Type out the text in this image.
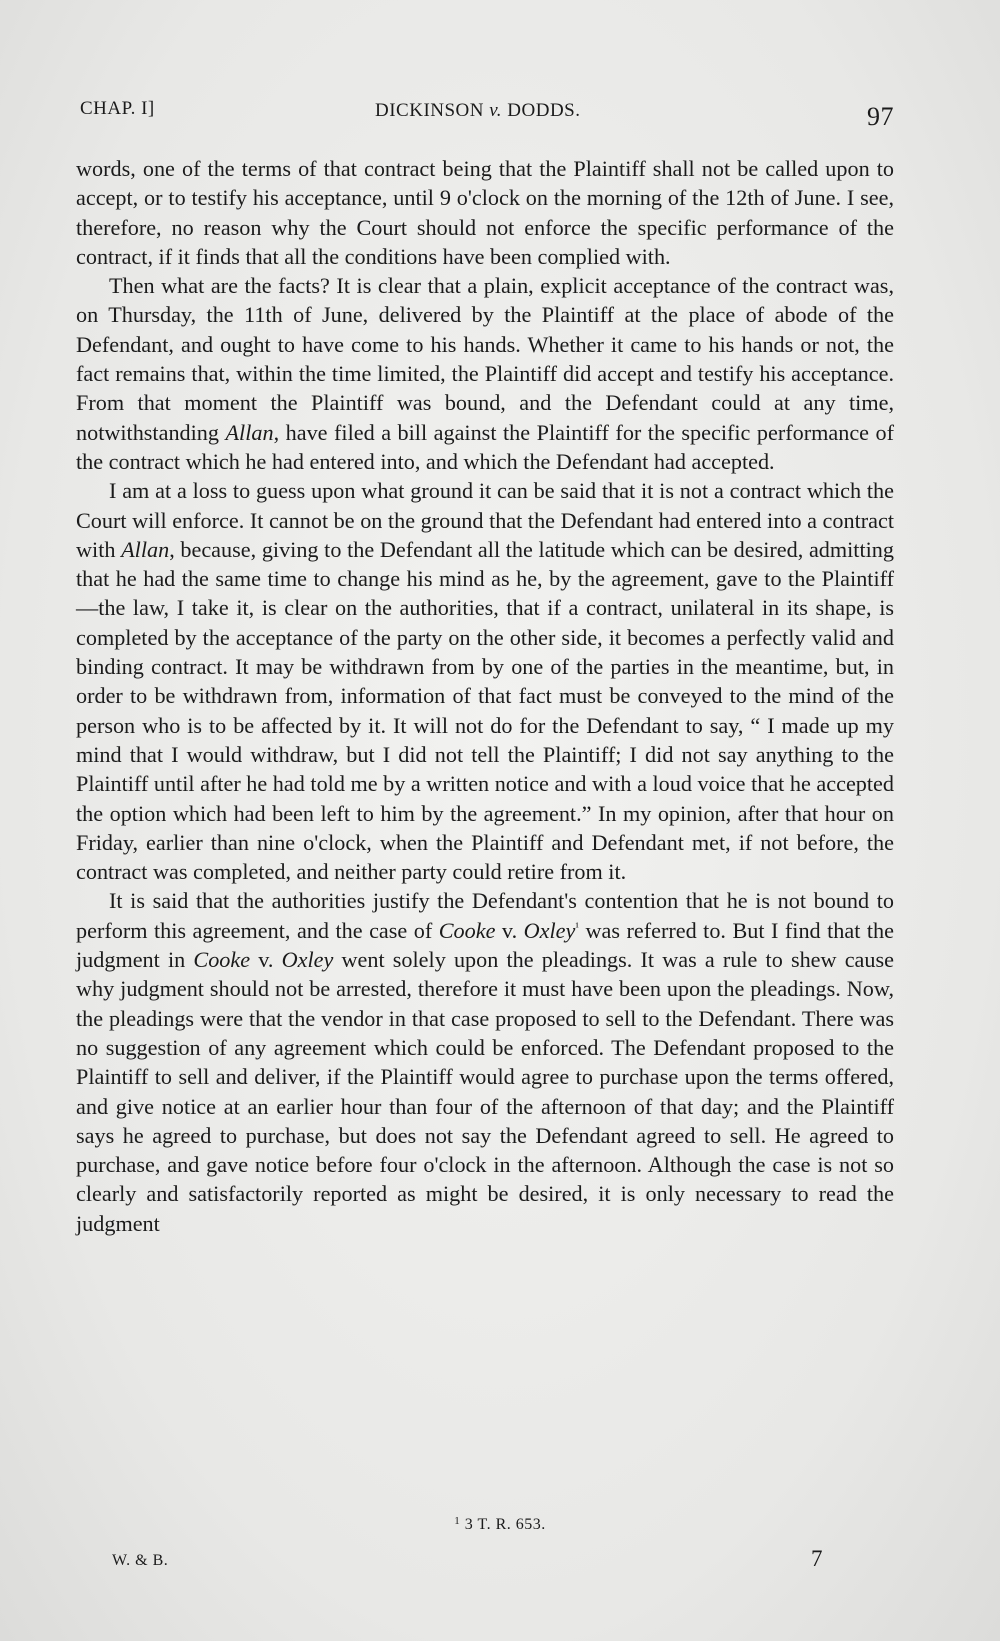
CHAP. I]	DICKINSON v. DODDS.	97

words, one of the terms of that contract being that the Plaintiff shall not be called upon to accept, or to testify his acceptance, until 9 o'clock on the morning of the 12th of June. I see, therefore, no reason why the Court should not enforce the specific performance of the contract, if it finds that all the conditions have been complied with.

Then what are the facts? It is clear that a plain, explicit acceptance of the contract was, on Thursday, the 11th of June, delivered by the Plaintiff at the place of abode of the Defendant, and ought to have come to his hands. Whether it came to his hands or not, the fact remains that, within the time limited, the Plaintiff did accept and testify his acceptance. From that moment the Plaintiff was bound, and the Defendant could at any time, notwithstanding Allan, have filed a bill against the Plaintiff for the specific performance of the contract which he had entered into, and which the Defendant had accepted.

I am at a loss to guess upon what ground it can be said that it is not a contract which the Court will enforce. It cannot be on the ground that the Defendant had entered into a contract with Allan, because, giving to the Defendant all the latitude which can be desired, admitting that he had the same time to change his mind as he, by the agreement, gave to the Plaintiff—the law, I take it, is clear on the authorities, that if a contract, unilateral in its shape, is completed by the acceptance of the party on the other side, it becomes a perfectly valid and binding contract. It may be withdrawn from by one of the parties in the meantime, but, in order to be withdrawn from, information of that fact must be conveyed to the mind of the person who is to be affected by it. It will not do for the Defendant to say, “ I made up my mind that I would withdraw, but I did not tell the Plaintiff; I did not say anything to the Plaintiff until after he had told me by a written notice and with a loud voice that he accepted the option which had been left to him by the agreement.” In my opinion, after that hour on Friday, earlier than nine o'clock, when the Plaintiff and Defendant met, if not before, the contract was completed, and neither party could retire from it.

It is said that the authorities justify the Defendant's contention that he is not bound to perform this agreement, and the case of Cooke v. Oxley$^{^1}$ was referred to. But I find that the judgment in Cooke v. Oxley went solely upon the pleadings. It was a rule to shew cause why judgment should not be arrested, therefore it must have been upon the pleadings. Now, the pleadings were that the vendor in that case proposed to sell to the Defendant. There was no suggestion of any agreement which could be enforced. The Defendant proposed to the Plaintiff to sell and deliver, if the Plaintiff would agree to purchase upon the terms offered, and give notice at an earlier hour than four of the afternoon of that day; and the Plaintiff says he agreed to purchase, but does not say the Defendant agreed to sell. He agreed to purchase, and gave notice before four o'clock in the afternoon. Although the case is not so clearly and satisfactorily reported as might be desired, it is only necessary to read the judgment

$^1$ 3 T. R. 653.
W. & B.	7
